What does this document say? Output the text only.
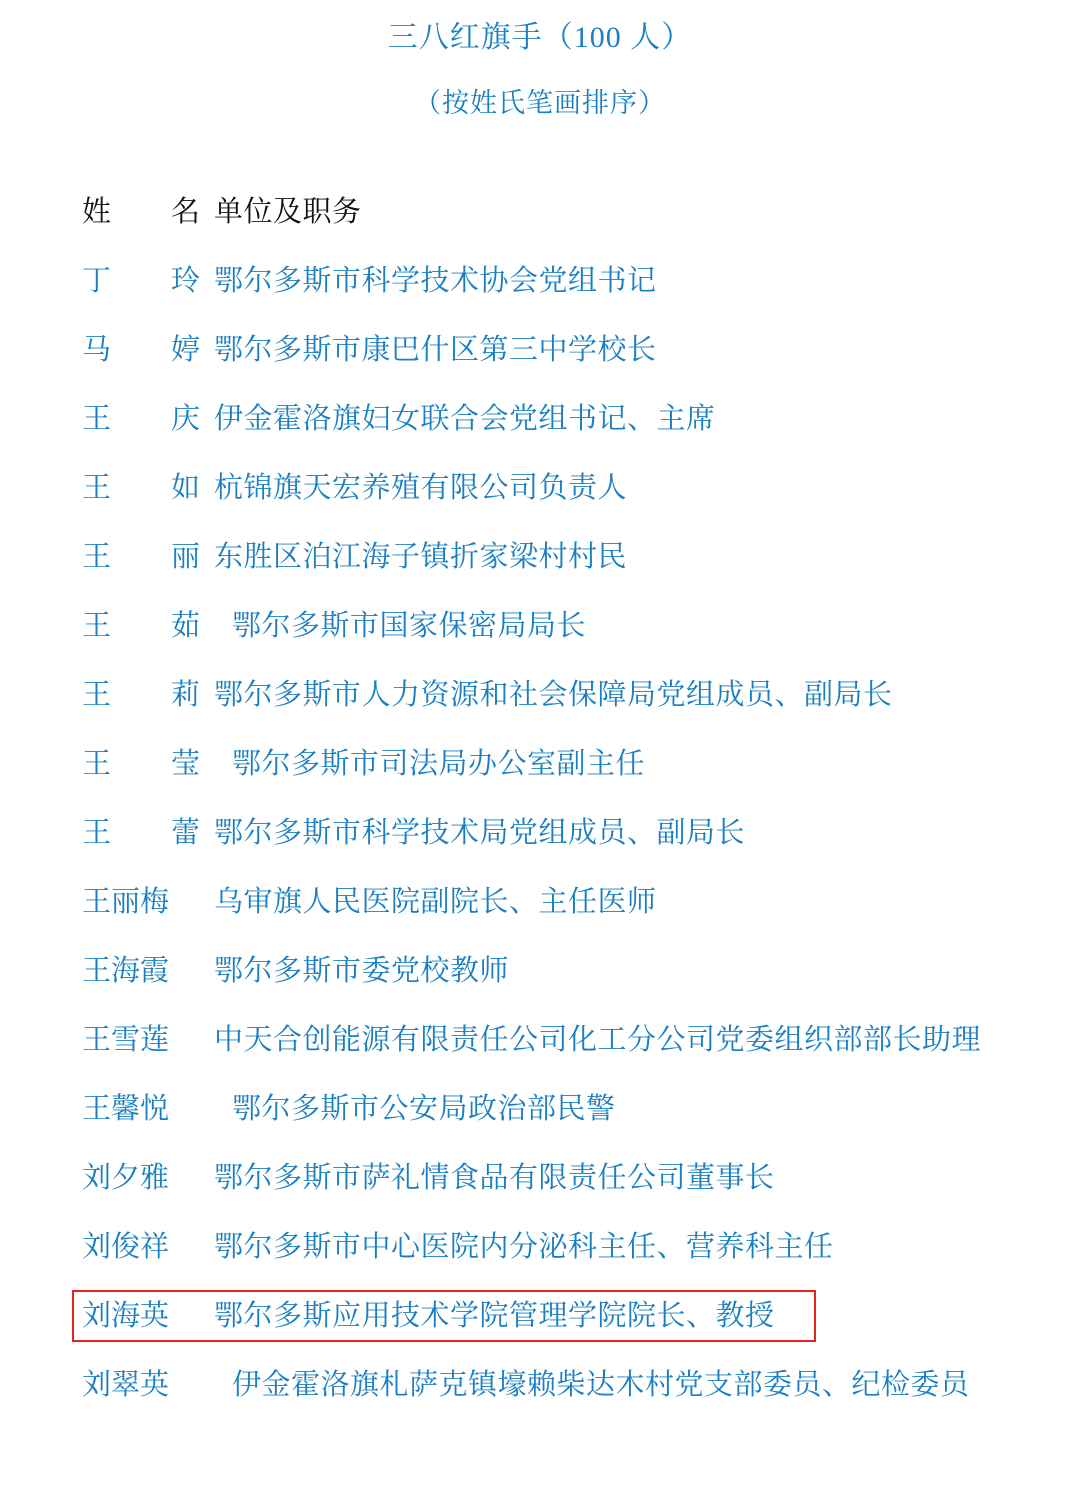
三八红旗手（100 人）
（按姓氏笔画排序）
姓名 单位及职务
丁玲 鄂尔多斯市科学技术协会党组书记
马婷 鄂尔多斯市康巴什区第三中学校长
王庆 伊金霍洛旗妇女联合会党组书记、主席
王如 杭锦旗天宏养殖有限公司负责人
王丽 东胜区泊江海子镇折家梁村村民
王茹	鄂尔多斯市国家保密局局长
王莉 鄂尔多斯市人力资源和社会保障局党组成员、副局长
王莹	鄂尔多斯市司法局办公室副主任
王蕾 鄂尔多斯市科学技术局党组成员、副局长
王丽梅	乌审旗人民医院副院长、主任医师
王海霞	鄂尔多斯市委党校教师
王雪莲	中天合创能源有限责任公司化工分公司党委组织部部长助理
王馨悦	鄂尔多斯市公安局政治部民警
刘夕雅	鄂尔多斯市萨礼情食品有限责任公司董事长
刘俊祥	鄂尔多斯市中心医院内分泌科主任、营养科主任
刘海英	鄂尔多斯应用技术学院管理学院院长、教授
刘翠英	伊金霍洛旗札萨克镇壕赖柴达木村党支部委员、纪检委员
